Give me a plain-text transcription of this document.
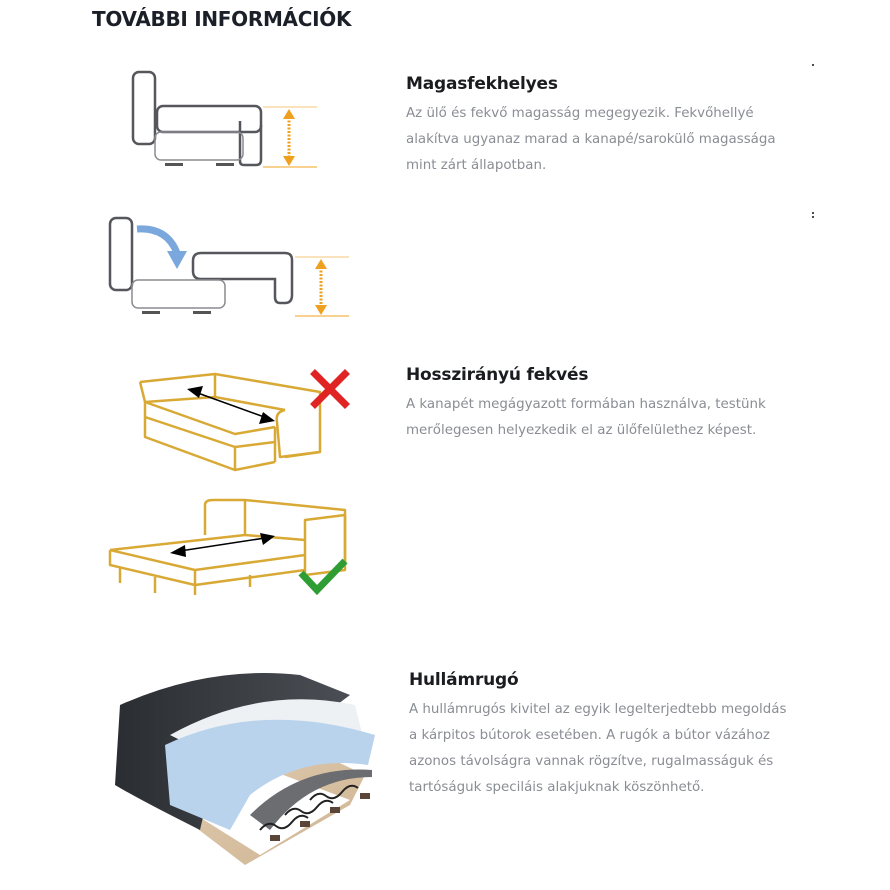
TOVÁBBI INFORMÁCIÓK
Magasfekhelyes

Az ülő és fekvő magasság megegyezik. Fekvőhellyé alakítva ugyanaz marad a kanapé/sarokülő magassága mint zárt állapotban.

Hosszirányú fekvés

A kanapét megágyazott formában használva, testünk merőlegesen helyezkedik el az ülőfelülethez képest.

Hullámrugó

A hullámrugós kivitel az egyik legelterjedtebb megoldás a kárpitos bútorok esetében. A rugók a bútor vázához azonos távolságra vannak rögzítve, rugalmasságuk és tartóságuk speciláis alakjuknak köszönhető.
